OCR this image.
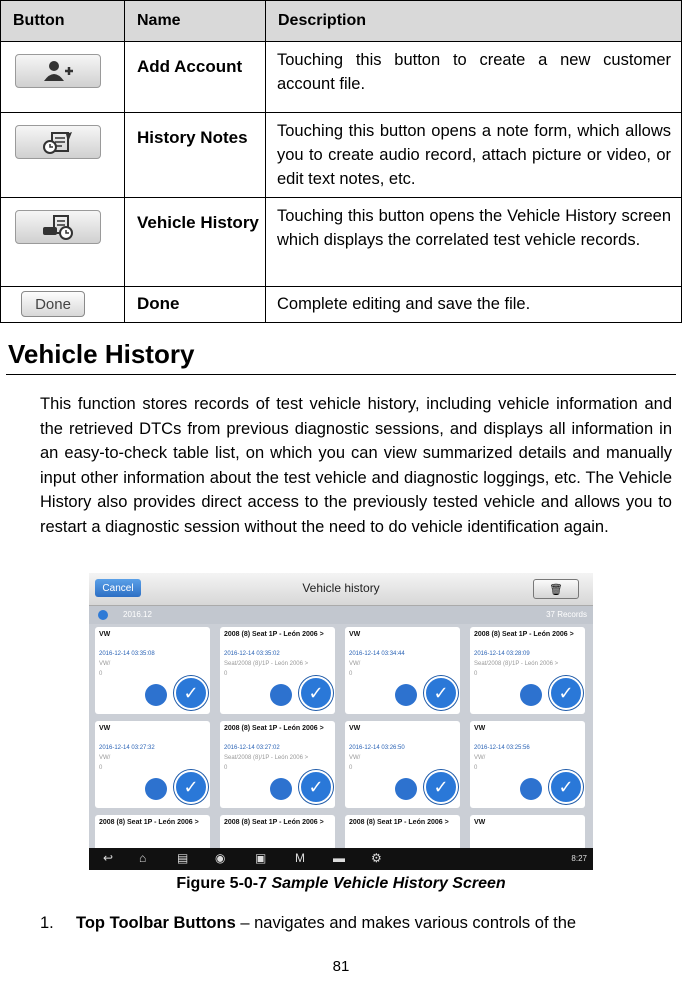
Button	Name	Description

	Add Account	Touching this button to create a new customer account file.

	History Notes	Touching this button opens a note form, which allows you to create audio record, attach picture or video, or edit text notes, etc.

	Vehicle History	Touching this button opens the Vehicle History screen which displays the correlated test vehicle records.

Done	Done	Complete editing and save the file.
Vehicle History
This function stores records of test vehicle history, including vehicle information and the retrieved DTCs from previous diagnostic sessions, and displays all information in an easy-to-check table list, on which you can view summarized details and manually input other information about the test vehicle and diagnostic loggings, etc. The Vehicle History also provides direct access to the previously tested vehicle and allows you to restart a diagnostic session without the need to do vehicle identification again.
Cancel	Vehicle history	🗑
2016.12	37 Records
VW
2016-12-14 03:35:08
VW/
0
✓
2008 (8) Seat 1P - León 2006 >
2016-12-14 03:35:02
Seat/2008 (8)/1P - León 2006 >
0
✓
VW
2016-12-14 03:34:44
VW/
0
✓
2008 (8) Seat 1P - León 2006 >
2016-12-14 03:28:09
Seat/2008 (8)/1P - León 2006 >
0
✓
VW
2016-12-14 03:27:32
VW/
0
✓
2008 (8) Seat 1P - León 2006 >
2016-12-14 03:27:02
Seat/2008 (8)/1P - León 2006 >
0
✓
VW
2016-12-14 03:26:50
VW/
0
✓
VW
2016-12-14 03:25:56
VW/
0
✓
2008 (8) Seat 1P - León 2006 >	2008 (8) Seat 1P - León 2006 >	2008 (8) Seat 1P - León 2006 >	VW
↩ ⌂	▤ ◉ ▣ M ▬ ⚙	8:27
Figure 5-0-7 Sample Vehicle History Screen
1. Top Toolbar Buttons – navigates and makes various controls of the
81
